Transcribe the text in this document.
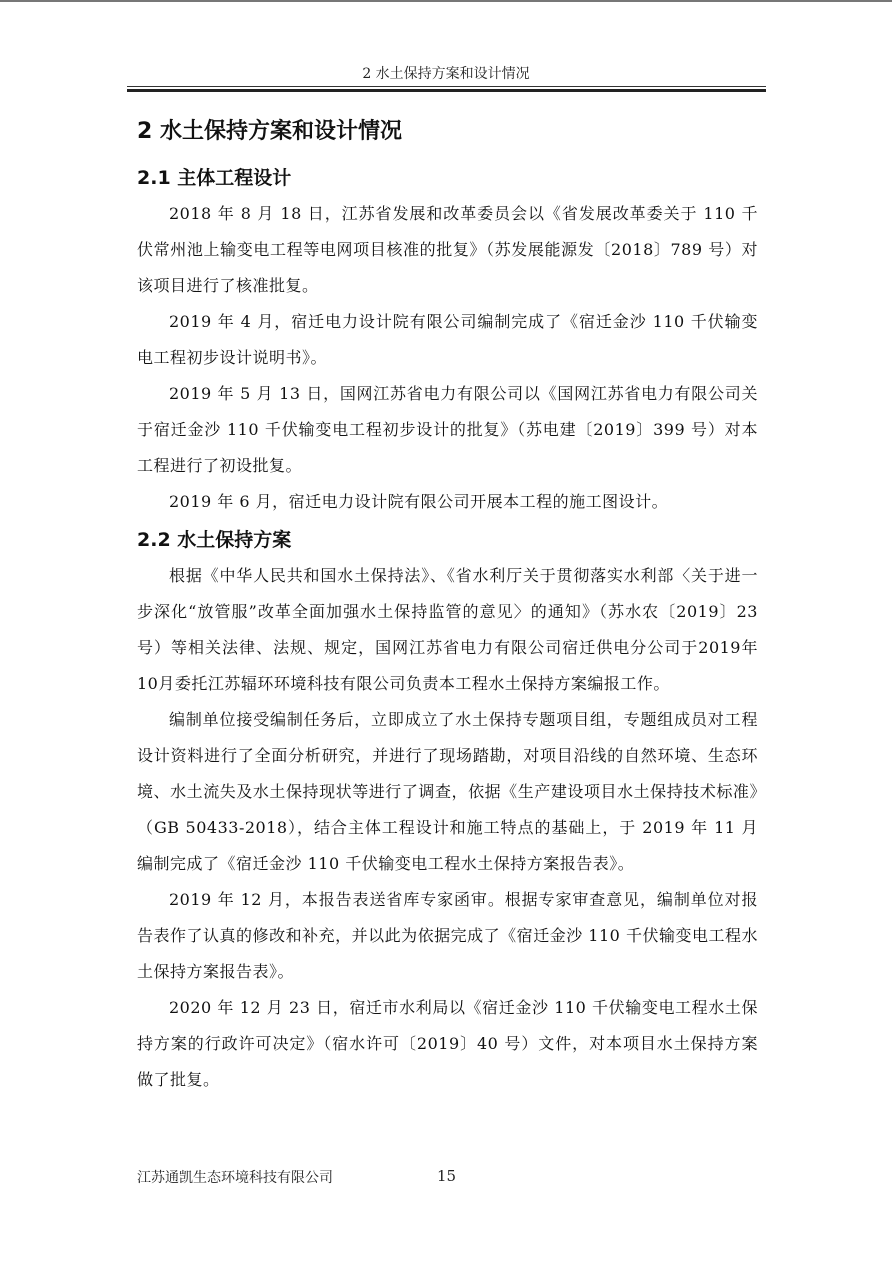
2 水土保持方案和设计情况
2 水土保持方案和设计情况
2.1 主体工程设计

2018 年 8 月 18 日，江苏省发展和改革委员会以《省发展改革委关于 110 千伏常州池上输变电工程等电网项目核准的批复》（苏发展能源发〔2018〕789 号）对该项目进行了核准批复。

2019 年 4 月，宿迁电力设计院有限公司编制完成了《宿迁金沙 110 千伏输变电工程初步设计说明书》。

2019 年 5 月 13 日，国网江苏省电力有限公司以《国网江苏省电力有限公司关于宿迁金沙 110 千伏输变电工程初步设计的批复》（苏电建〔2019〕399 号）对本工程进行了初设批复。

2019 年 6 月，宿迁电力设计院有限公司开展本工程的施工图设计。

2.2 水土保持方案

根据《中华人民共和国水土保持法》、《省水利厅关于贯彻落实水利部〈关于进一步深化“放管服”改革全面加强水土保持监管的意见〉的通知》（苏水农〔2019〕23 号）等相关法律、法规、规定，国网江苏省电力有限公司宿迁供电分公司于2019年10月委托江苏辐环环境科技有限公司负责本工程水土保持方案编报工作。

编制单位接受编制任务后，立即成立了水土保持专题项目组，专题组成员对工程设计资料进行了全面分析研究，并进行了现场踏勘，对项目沿线的自然环境、生态环境、水土流失及水土保持现状等进行了调查，依据《生产建设项目水土保持技术标准》（GB 50433-2018），结合主体工程设计和施工特点的基础上，于 2019 年 11 月编制完成了《宿迁金沙 110 千伏输变电工程水土保持方案报告表》。

2019 年 12 月，本报告表送省库专家函审。根据专家审查意见，编制单位对报告表作了认真的修改和补充，并以此为依据完成了《宿迁金沙 110 千伏输变电工程水土保持方案报告表》。

2020 年 12 月 23 日，宿迁市水利局以《宿迁金沙 110 千伏输变电工程水土保持方案的行政许可决定》（宿水许可〔2019〕40 号）文件，对本项目水土保持方案做了批复。

江苏通凯生态环境科技有限公司	15
